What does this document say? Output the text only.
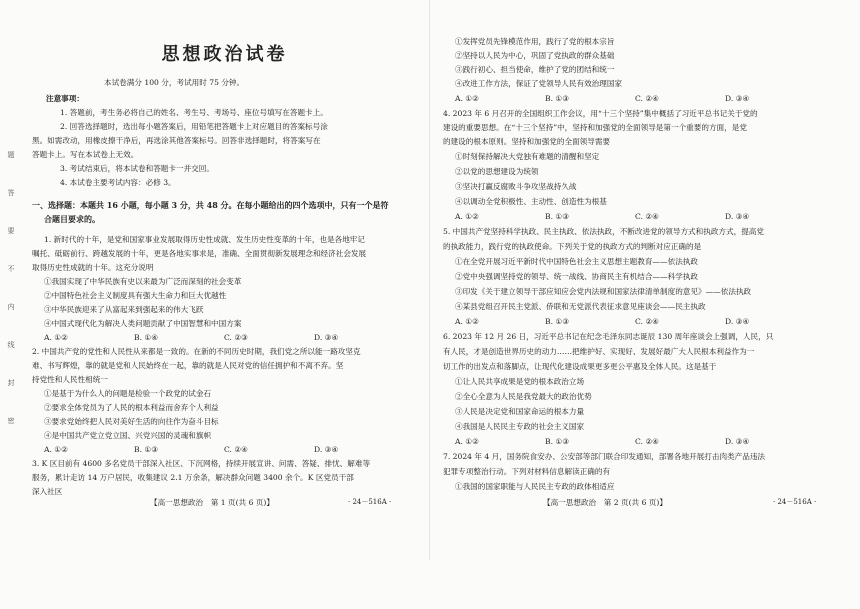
题
答
要
不
内
线
封
密
思想政治试卷
本试卷满分 100 分，考试用时 75 分钟。
注意事项：
1. 答题前，考生务必将自己的姓名、考生号、考场号、座位号填写在答题卡上。
2. 回答选择题时，选出每小题答案后，用铅笔把答题卡上对应题目的答案标号涂
黑。如需改动，用橡皮擦干净后，再选涂其他答案标号。回答非选择题时，将答案写在
答题卡上。写在本试卷上无效。
3. 考试结束后，将本试卷和答题卡一并交回。
4. 本试卷主要考试内容：必修 3。
一、选择题：本题共 16 小题，每小题 3 分，共 48 分。在每小题给出的四个选项中，只有一个是符
合题目要求的。
1. 新时代的十年，是党和国家事业发展取得历史性成就、发生历史性变革的十年，也是各地牢记
嘱托、砥砺前行、跨越发展的十年，更是各地实事求是，准确、全面贯彻新发展理念和经济社会发展
取得历史性成就的十年。这充分说明
①我国实现了中华民族有史以来最为广泛而深刻的社会变革
②中国特色社会主义制度具有强大生命力和巨大优越性
③中华民族迎来了从富起来到强起来的伟大飞跃
④中国式现代化为解决人类问题贡献了中国智慧和中国方案
A. ①②	B. ①④	C. ②③	D. ③④
2. 中国共产党的党性和人民性从来都是一致的。在新的不同历史时期，我们党之所以能一路攻坚克
难、书写辉煌，靠的就是党和人民始终在一起，靠的就是人民对党的信任拥护和不离不弃。坚
持党性和人民性相统一
①是基于为什么人的问题是检验一个政党的试金石
②要求全体党员为了人民的根本利益而舍弃个人利益
③要求党始终把人民对美好生活的向往作为奋斗目标
④是中国共产党立党立国、兴党兴国的灵魂和旗帜
A. ①②	B. ①③	C. ②④	D. ③④
3. K 区目前有 4600 多名党员干部深入社区、下沉网格，持续开展宣讲、问需、答疑、排忧、解难等
服务，累计走访 14 万户居民，收集建议 2.1 万余条，解决群众问题 3400 余个。K 区党员干部
深入社区
【高一思想政治　第 1 页(共 6 页)】	· 24－516A ·
①发挥党员先锋模范作用，践行了党的根本宗旨
②坚持以人民为中心，巩固了党执政的群众基础
③践行初心、担当使命，维护了党的团结和统一
④改进工作方法，保证了党领导人民有效治理国家
A. ①②	B. ①③	C. ②④	D. ③④
4. 2023 年 6 月召开的全国组织工作会议，用“十三个坚持”集中概括了习近平总书记关于党的
建设的重要思想。在“十三个坚持”中，坚持和加强党的全面领导是第一个重要的方面，是党
的建设的根本原则。坚持和加强党的全面领导需要
①时刻保持解决大党独有难题的清醒和坚定
②以党的思想建设为统领
③坚决打赢反腐败斗争攻坚战持久战
④以调动全党积极性、主动性、创造性为根基
A. ①②	B. ①③	C. ②④	D. ③④
5. 中国共产党坚持科学执政、民主执政、依法执政，不断改进党的领导方式和执政方式，提高党
的执政能力，践行党的执政使命。下列关于党的执政方式的判断对应正确的是
①在全党开展习近平新时代中国特色社会主义思想主题教育——依法执政
②党中央强调坚持党的领导、统一战线、协商民主有机结合——科学执政
③印发《关于建立领导干部应知应会党内法规和国家法律清单制度的意见》——依法执政
④某县党组召开民主党派、侨联和无党派代表征求意见座谈会——民主执政
A. ①②	B. ①③	C. ②④	D. ③④
6. 2023 年 12 月 26 日，习近平总书记在纪念毛泽东同志诞辰 130 周年座谈会上强调，人民，只
有人民，才是创造世界历史的动力……把维护好、实现好、发展好最广大人民根本利益作为一
切工作的出发点和落脚点，让现代化建设成果更多更公平惠及全体人民。这是基于
①让人民共享成果是党的根本政治立场
②全心全意为人民是我党最大的政治优势
③人民是决定党和国家命运的根本力量
④我国是人民民主专政的社会主义国家
A. ①②	B. ①③	C. ②④	D. ③④
7. 2024 年 4 月，国务院食安办、公安部等部门联合印发通知，部署各地开展打击肉类产品违法
犯罪专项整治行动。下列对材料信息解读正确的有
①我国的国家职能与人民民主专政的政体相适应
【高一思想政治　第 2 页(共 6 页)】	· 24－516A ·
